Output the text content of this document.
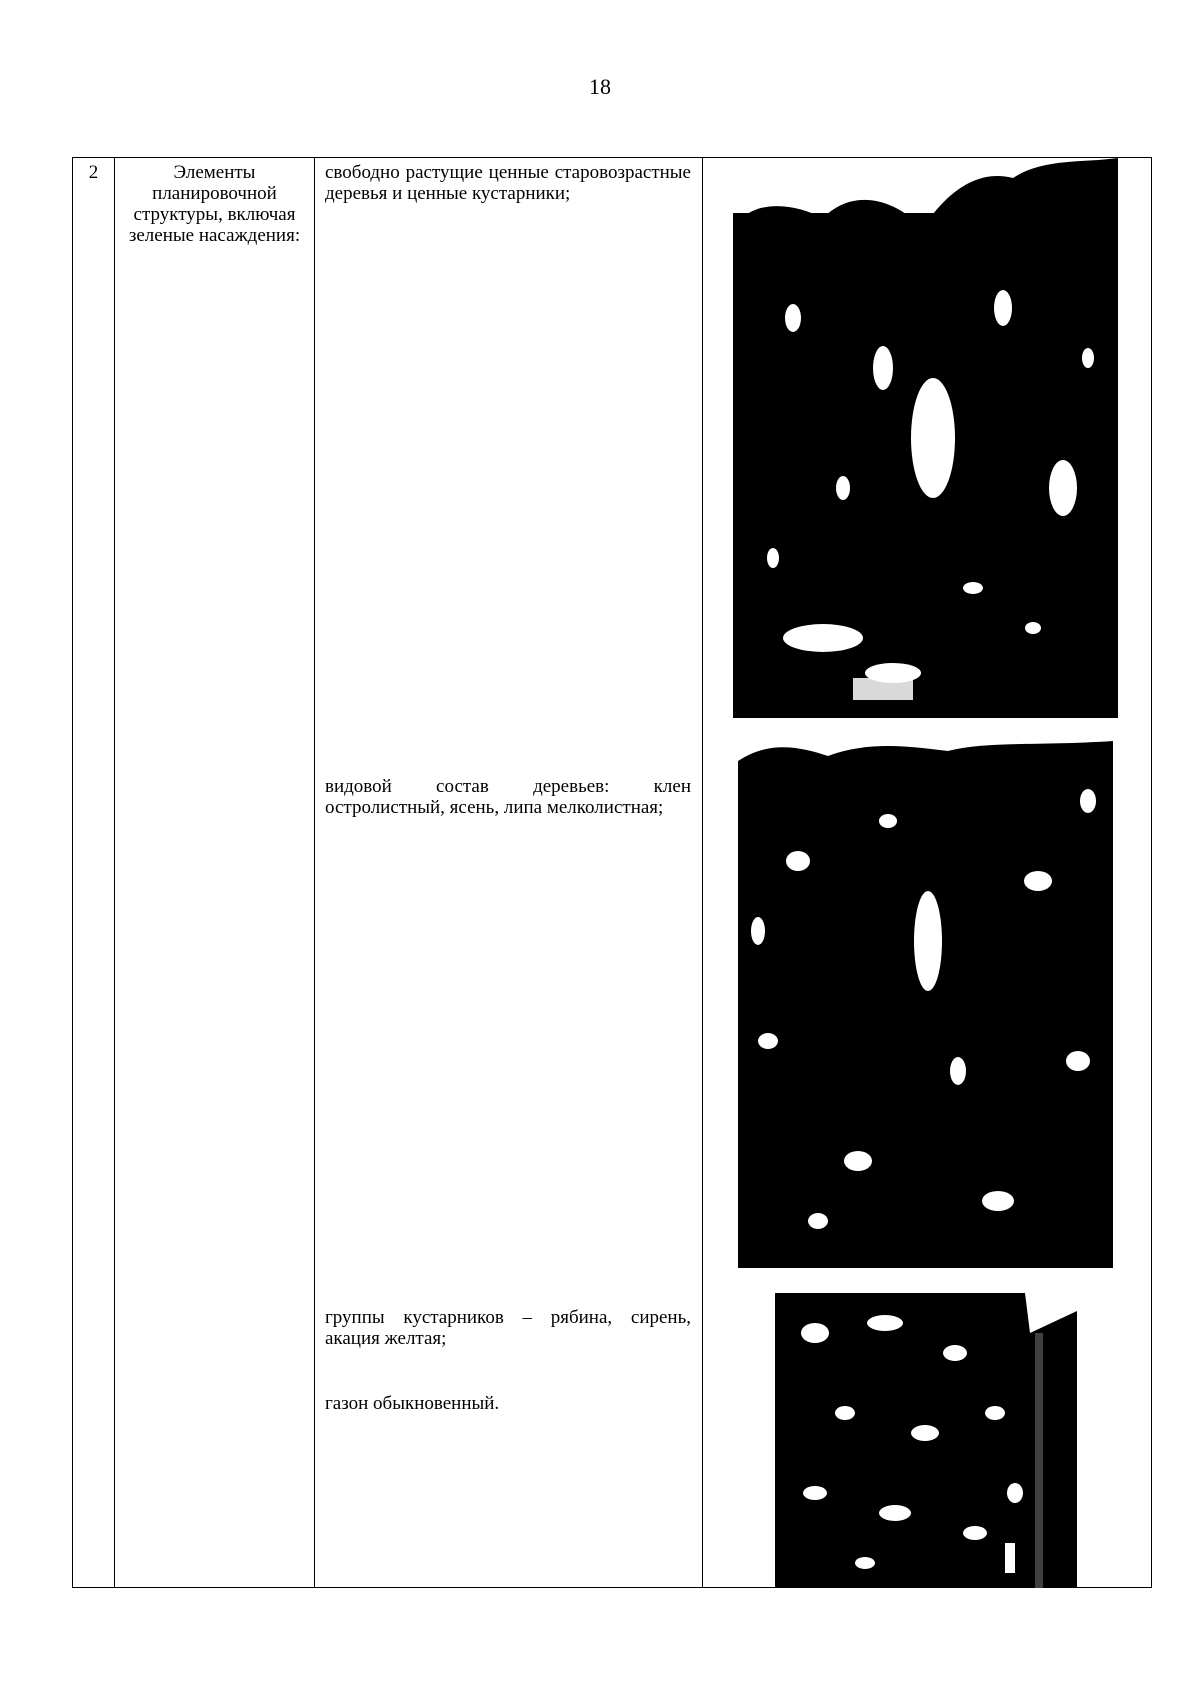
18
2	Элементы планировочной структуры, включая зеленые насаждения:	

свободно растущие ценные старовозрастные деревья и ценные кустарники;

видовой состав деревьев: клен остролистный, ясень, липа мелколистная;

группы кустарников – рябина, сирень, акация желтая;

газон обыкновенный.
